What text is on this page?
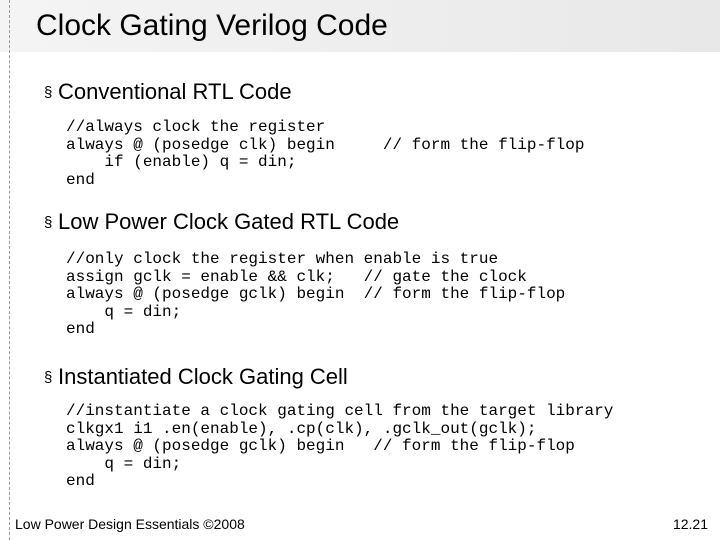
Clock Gating Verilog Code
§ Conventional RTL Code
//always clock the register
always @ (posedge clk) begin     // form the flip-flop
if (enable) q = din;
end
§ Low Power Clock Gated RTL Code
//only clock the register when enable is true
assign gclk = enable && clk;   // gate the clock
always @ (posedge gclk) begin  // form the flip-flop
q = din;
end
§ Instantiated Clock Gating Cell
//instantiate a clock gating cell from the target library
clkgx1 i1 .en(enable), .cp(clk), .gclk_out(gclk);
always @ (posedge gclk) begin   // form the flip-flop
q = din;
end
Low Power Design Essentials ©2008	12.21
